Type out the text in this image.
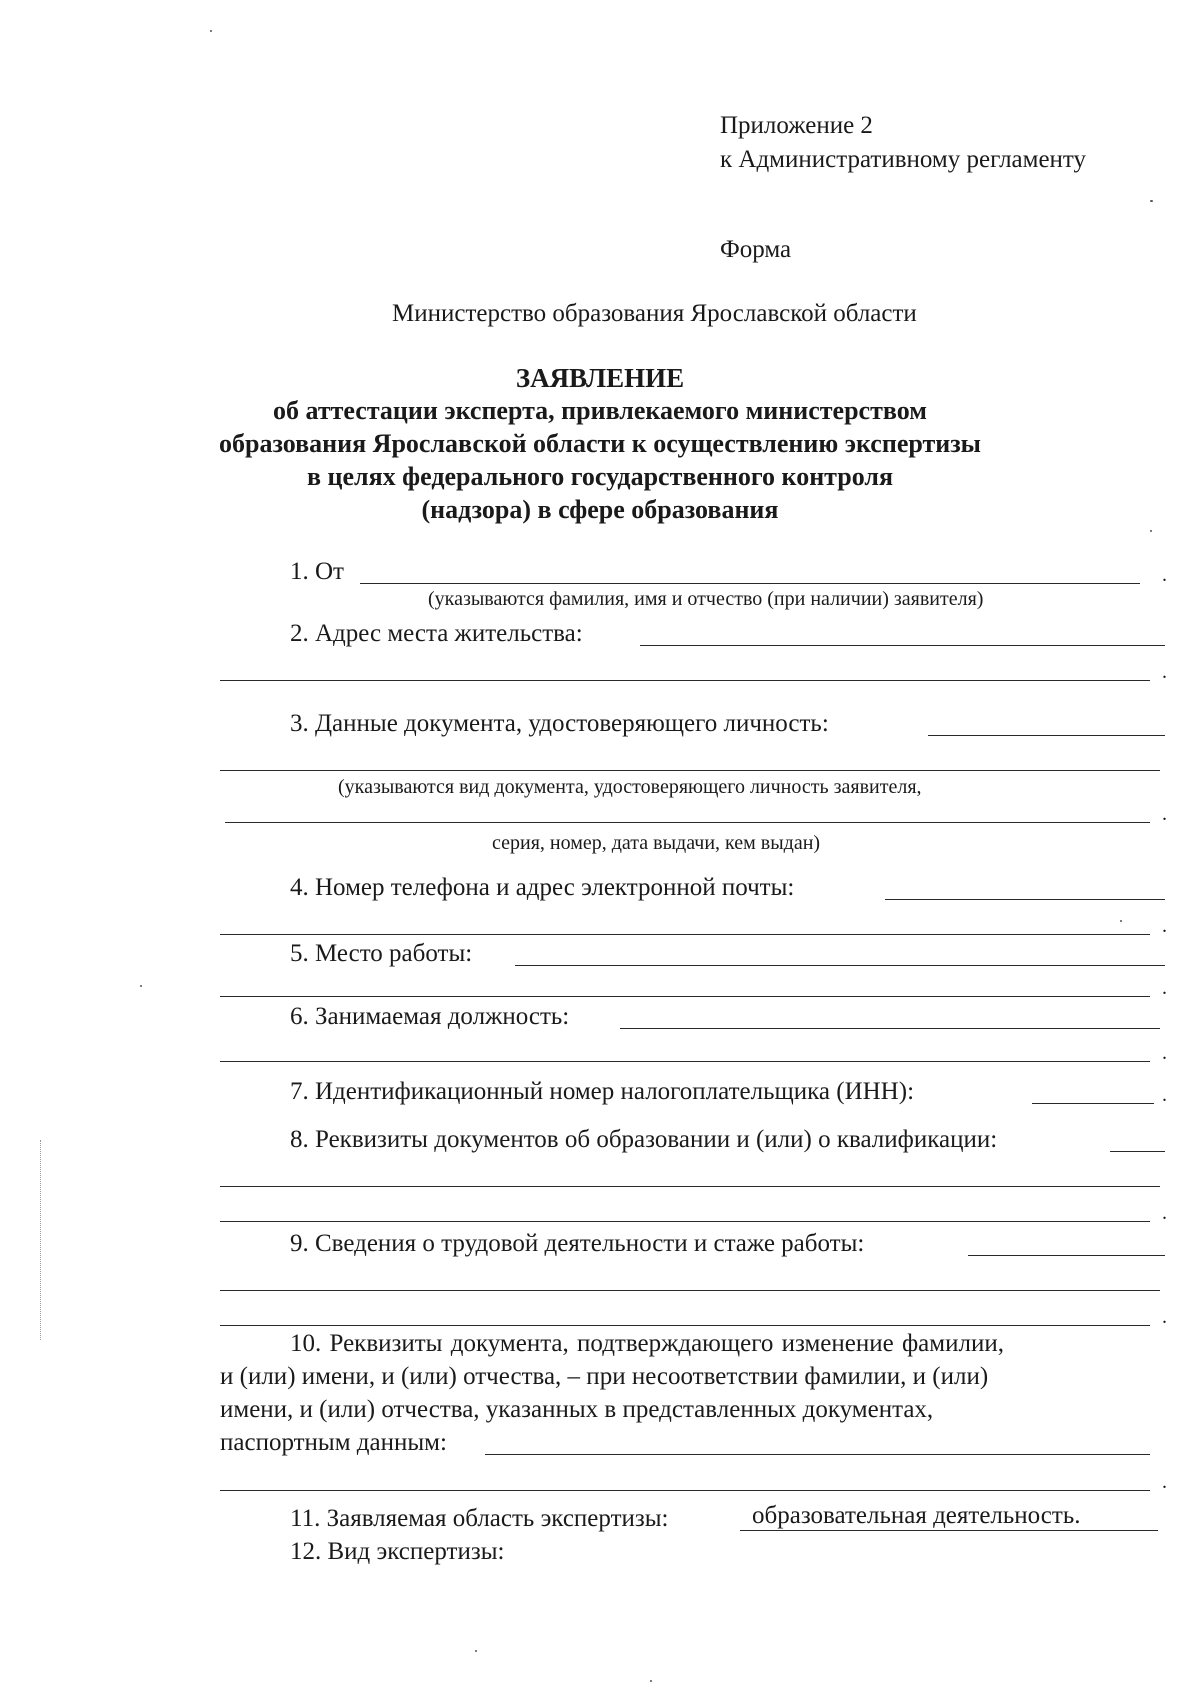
Приложение 2
к Административному регламенту
Форма
Министерство образования Ярославской области
ЗАЯВЛЕНИЕ
об аттестации эксперта, привлекаемого министерством
образования Ярославской области к осуществлению экспертизы
в целях федерального государственного контроля
(надзора) в сфере образования
1. От	.
(указываются фамилия, имя и отчество (при наличии) заявителя)
2. Адрес места жительства:
.
3. Данные документа, удостоверяющего личность:
(указываются вид документа, удостоверяющего личность заявителя,
.
серия, номер, дата выдачи, кем выдан)
4. Номер телефона и адрес электронной почты:
.
5. Место работы:
.
6. Занимаемая должность:
.
7. Идентификационный номер налогоплательщика (ИНН):	.
8. Реквизиты документов об образовании и (или) о квалификации:
.
9. Сведения о трудовой деятельности и стаже работы:
.
10. Реквизиты документа, подтверждающего изменение фамилии,
и (или) имени, и (или) отчества, – при несоответствии фамилии, и (или)
имени, и (или) отчества, указанных в представленных документах,
паспортным данным:
.
11. Заявляемая область экспертизы:	образовательная деятельность.
12. Вид экспертизы:
